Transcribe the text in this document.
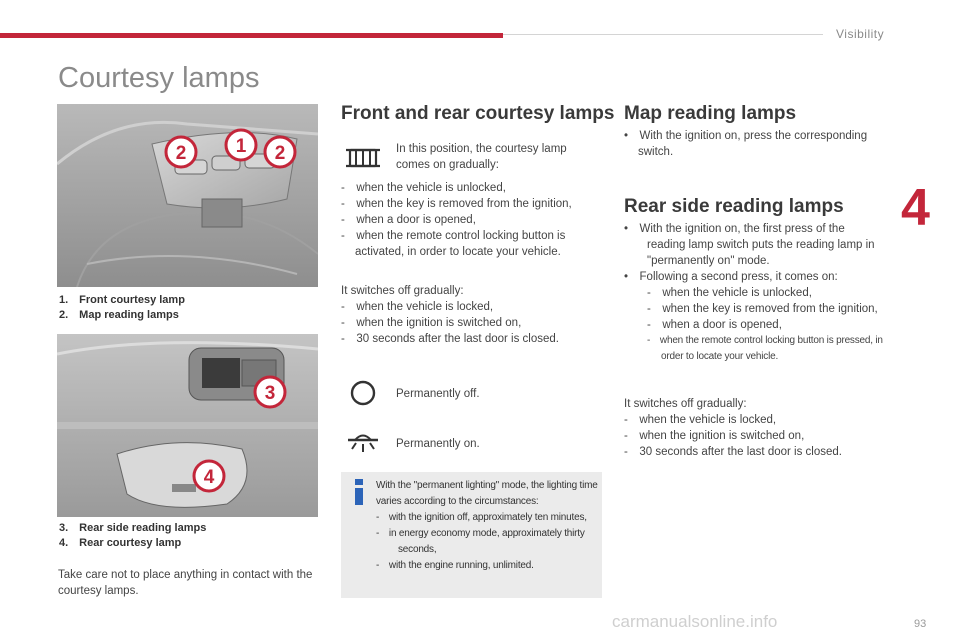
Visibility
4
93
carmanualsonline.info
Courtesy lamps
2	1 2
1. Front courtesy lamp
2. Map reading lamps
3
4
3. Rear side reading lamps
4. Rear courtesy lamp
Take care not to place anything in contact with the courtesy lamps.
Front and rear courtesy lamps
In this position, the courtesy lamp comes on gradually:
- when the vehicle is unlocked,
- when the key is removed from the ignition,
- when a door is opened,
- when the remote control locking button is activated, in order to locate your vehicle.
It switches off gradually:
- when the vehicle is locked,
- when the ignition is switched on,
- 30 seconds after the last door is closed.
Permanently off.
Permanently on.
With the "permanent lighting" mode, the lighting time varies according to the circumstances:
- with the ignition off, approximately ten minutes,
- in energy economy mode, approximately thirty seconds,
- with the engine running, unlimited.
Map reading lamps
• With the ignition on, press the corresponding switch.
Rear side reading lamps
• With the ignition on, the first press of the reading lamp switch puts the reading lamp in "permanently on" mode.
• Following a second press, it comes on:
- when the vehicle is unlocked,
- when the key is removed from the ignition,
- when a door is opened,
- when the remote control locking button is pressed, in order to locate your vehicle.
It switches off gradually:
- when the vehicle is locked,
- when the ignition is switched on,
- 30 seconds after the last door is closed.
